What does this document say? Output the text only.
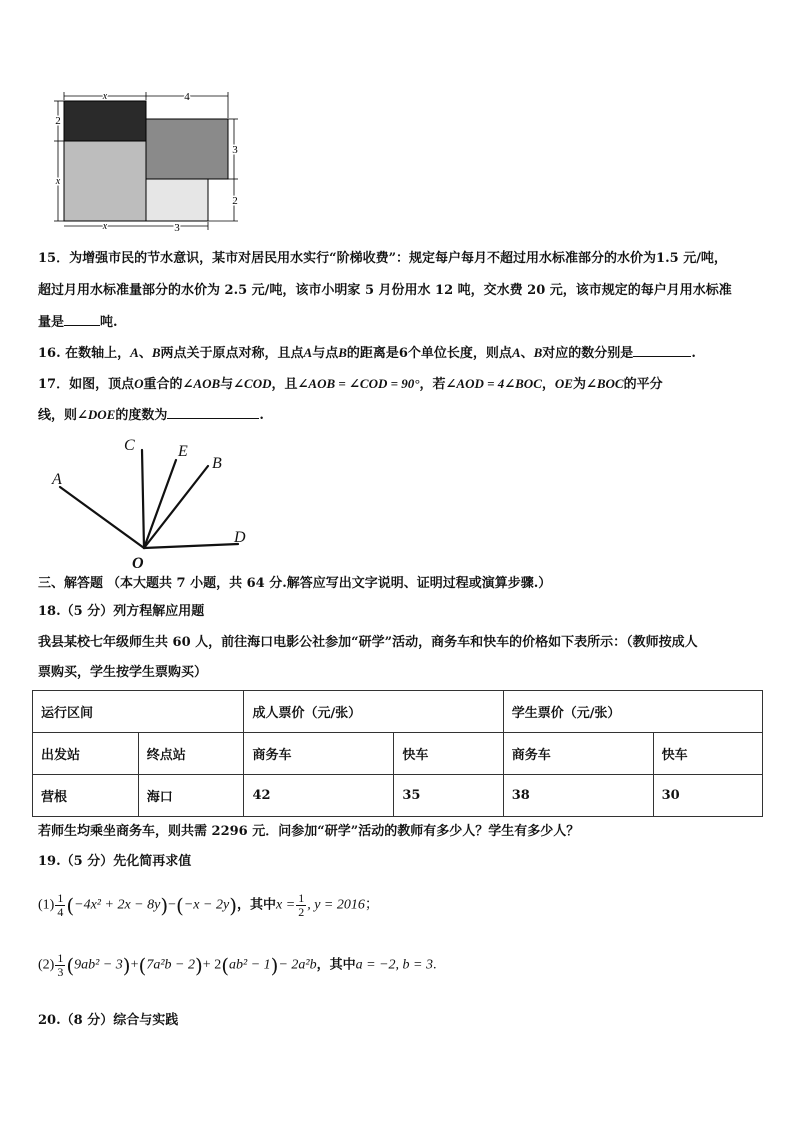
x	4
2
x
x	3
3
2
15．为增强市民的节水意识，某市对居民用水实行“阶梯收费”：规定每户每月不超过用水标准部分的水价为1.5 元/吨，
超过月用水标准量部分的水价为 2.5 元/吨，该市小明家 5 月份用水 12 吨，交水费 20 元，该市规定的每户月用水标准
量是	吨.
16. 在数轴上，A、B两点关于原点对称，且点A与点B的距离是6个单位长度，则点A、B对应的数分别是	.
17．如图，顶点O重合的∠AOB与∠COD，且∠AOB = ∠COD = 90°，若∠AOD = 4∠BOC，OE为∠BOC的平分
线，则∠DOE的度数为	.
A
C	E
B
D
O
三、解答题 （本大题共 7 小题，共 64 分.解答应写出文字说明、证明过程或演算步骤.）
18.（5 分）列方程解应用题
我县某校七年级师生共 60 人，前往海口电影公社参加“研学”活动，商务车和快车的价格如下表所示：（教师按成人
票购买，学生按学生票购买）
运行区间		成人票价（元/张）		学生票价（元/张）	
出发站	终点站	商务车	快车	商务车	快车
营根	海口	42	35	38	30
若师生均乘坐商务车，则共需 2296 元．问参加“研学”活动的教师有多少人？学生有多少人？
19.（5 分）先化简再求值
$(1) \frac{1}{4} (-4x^2 + 2x - 8y)-(-x - 2y)$，其中$x = \frac{1}{2}$ , y = 2016；
$(2) \frac{1}{3} (9ab^2 - 3)+(7a^2b - 2)+ 2(ab^2 - 1)- 2a^2b$，其中a = −2, b = 3.
20.（8 分）综合与实践
